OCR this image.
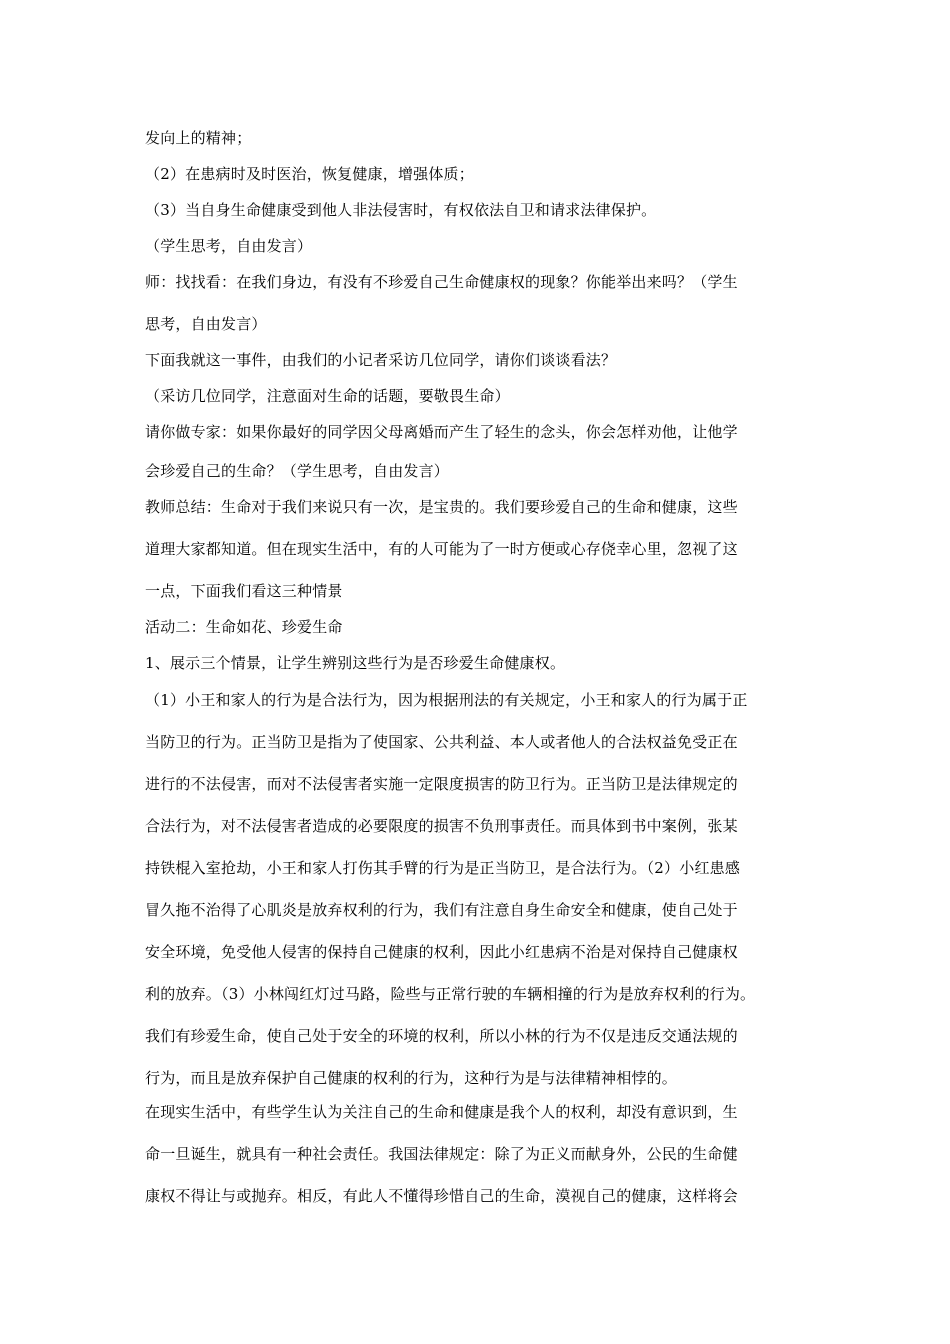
发向上的精神；
（2）在患病时及时医治，恢复健康，增强体质；
（3）当自身生命健康受到他人非法侵害时，有权依法自卫和请求法律保护。
（学生思考，自由发言）
师：找找看：在我们身边，有没有不珍爱自己生命健康权的现象？你能举出来吗？（学生
思考，自由发言）
下面我就这一事件，由我们的小记者采访几位同学，请你们谈谈看法？
（采访几位同学，注意面对生命的话题，要敬畏生命）
请你做专家：如果你最好的同学因父母离婚而产生了轻生的念头，你会怎样劝他，让他学
会珍爱自己的生命？（学生思考，自由发言）
教师总结：生命对于我们来说只有一次，是宝贵的。我们要珍爱自己的生命和健康，这些
道理大家都知道。但在现实生活中，有的人可能为了一时方便或心存侥幸心里，忽视了这
一点，下面我们看这三种情景
活动二：生命如花、珍爱生命
1、展示三个情景，让学生辨别这些行为是否珍爱生命健康权。
（1）小王和家人的行为是合法行为，因为根据刑法的有关规定，小王和家人的行为属于正
当防卫的行为。正当防卫是指为了使国家、公共利益、本人或者他人的合法权益免受正在
进行的不法侵害，而对不法侵害者实施一定限度损害的防卫行为。正当防卫是法律规定的
合法行为，对不法侵害者造成的必要限度的损害不负刑事责任。而具体到书中案例，张某
持铁棍入室抢劫，小王和家人打伤其手臂的行为是正当防卫，是合法行为。（2）小红患感
冒久拖不治得了心肌炎是放弃权利的行为，我们有注意自身生命安全和健康，使自己处于
安全环境，免受他人侵害的保持自己健康的权利，因此小红患病不治是对保持自己健康权
利的放弃。（3）小林闯红灯过马路，险些与正常行驶的车辆相撞的行为是放弃权利的行为。
我们有珍爱生命，使自己处于安全的环境的权利，所以小林的行为不仅是违反交通法规的
行为，而且是放弃保护自己健康的权利的行为，这种行为是与法律精神相悖的。
在现实生活中，有些学生认为关注自己的生命和健康是我个人的权利，却没有意识到，生
命一旦诞生，就具有一种社会责任。我国法律规定：除了为正义而献身外，公民的生命健
康权不得让与或抛弃。相反，有此人不懂得珍惜自己的生命，漠视自己的健康，这样将会
